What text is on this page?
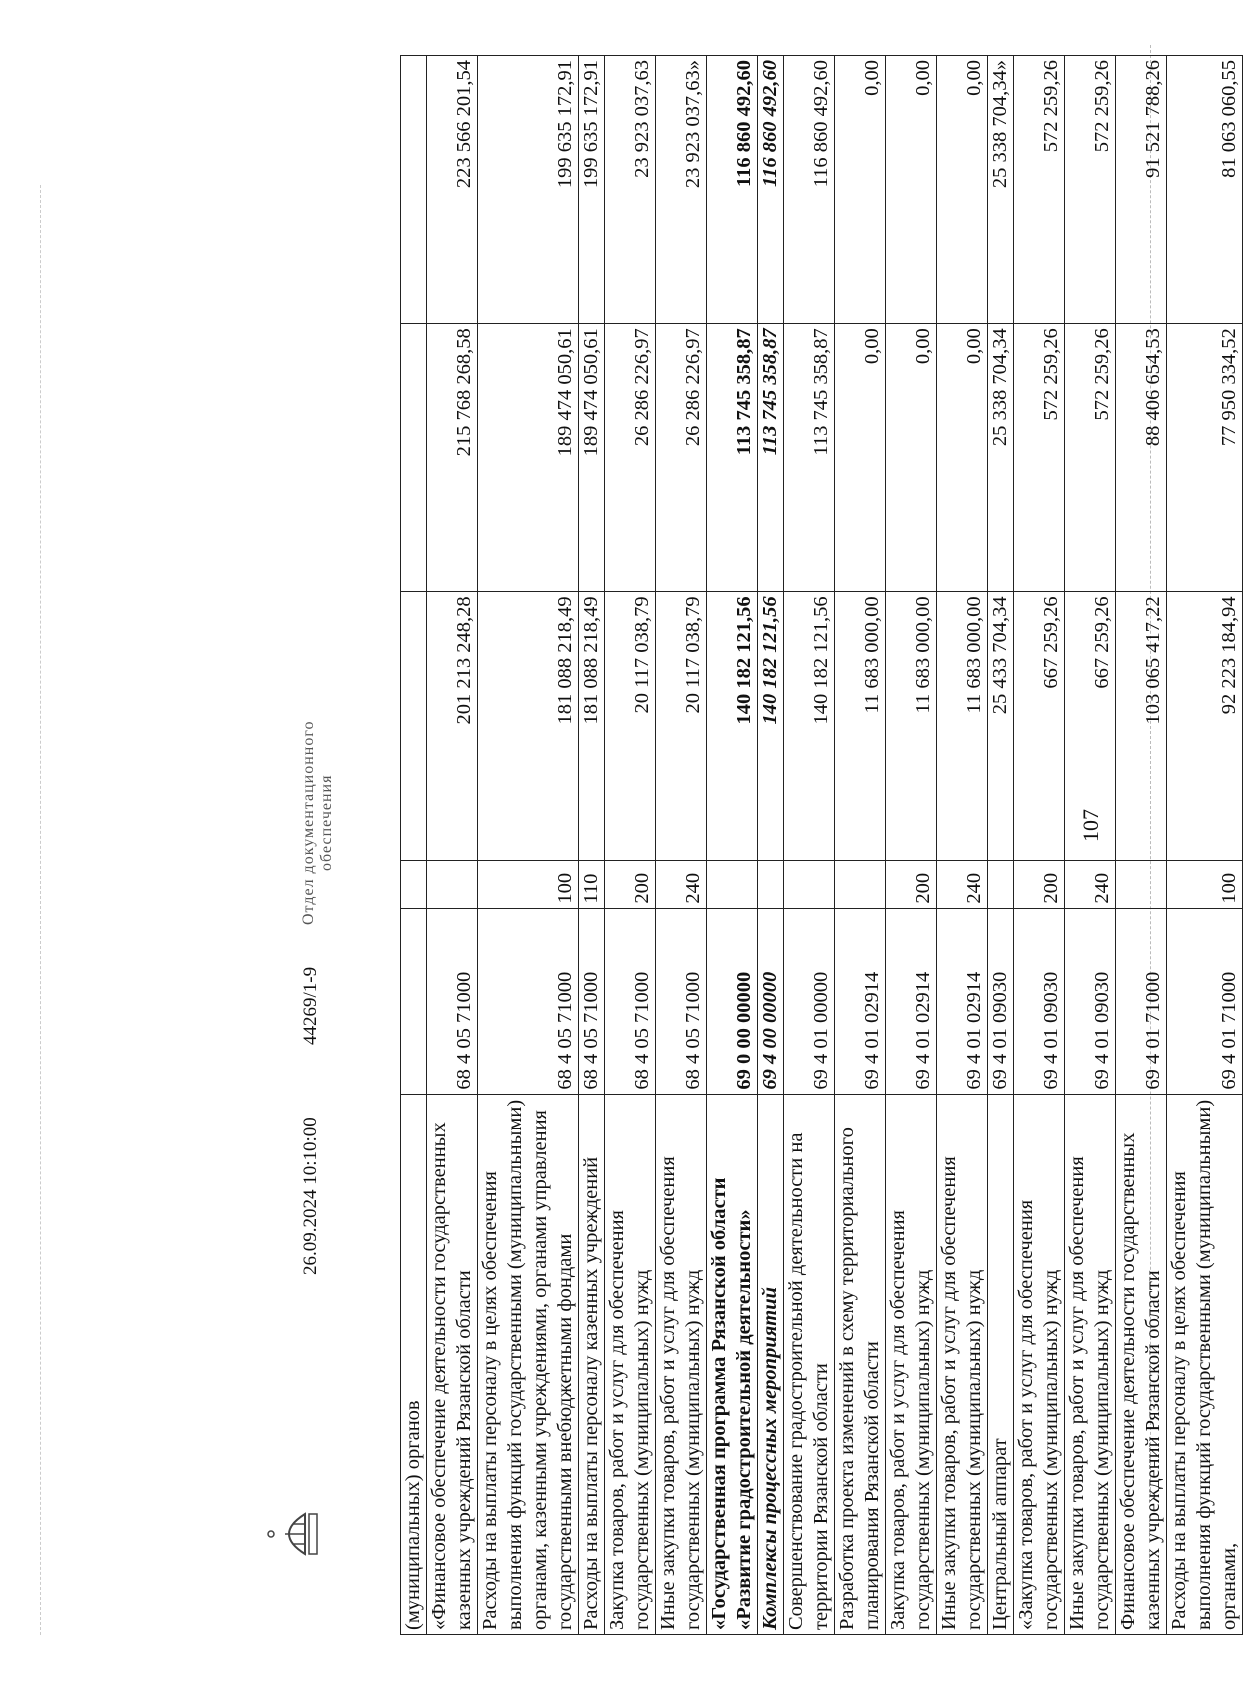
107
(муниципальных) органов					
«Финансовое обеспечение деятельности государственных казенных учреждений Рязанской области	68 4 05 71000		201 213 248,28	215 768 268,58	223 566 201,54
Расходы на выплаты персоналу в целях обеспечения выполнения функций государственными (муниципальными) органами, казенными учреждениями, органами управления государственными внебюджетными фондами	68 4 05 71000	100	181 088 218,49	189 474 050,61	199 635 172,91
Расходы на выплаты персоналу казенных учреждений	68 4 05 71000	110	181 088 218,49	189 474 050,61	199 635 172,91
Закупка товаров, работ и услуг для обеспечения государственных (муниципальных) нужд	68 4 05 71000	200	20 117 038,79	26 286 226,97	23 923 037,63
Иные закупки товаров, работ и услуг для обеспечения государственных (муниципальных) нужд	68 4 05 71000	240	20 117 038,79	26 286 226,97	23 923 037,63»
«Государственная программа Рязанской области «Развитие градостроительной деятельности»	69 0 00 00000		140 182 121,56	113 745 358,87	116 860 492,60
Комплексы процессных мероприятий	69 4 00 00000		140 182 121,56	113 745 358,87	116 860 492,60
Совершенствование градостроительной деятельности на территории Рязанской области	69 4 01 00000		140 182 121,56	113 745 358,87	116 860 492,60
Разработка проекта изменений в схему территориального планирования Рязанской области	69 4 01 02914		11 683 000,00	0,00	0,00
Закупка товаров, работ и услуг для обеспечения государственных (муниципальных) нужд	69 4 01 02914	200	11 683 000,00	0,00	0,00
Иные закупки товаров, работ и услуг для обеспечения государственных (муниципальных) нужд	69 4 01 02914	240	11 683 000,00	0,00	0,00
Центральный аппарат	69 4 01 09030		25 433 704,34	25 338 704,34	25 338 704,34»
«Закупка товаров, работ и услуг для обеспечения государственных (муниципальных) нужд	69 4 01 09030	200	667 259,26	572 259,26	572 259,26
Иные закупки товаров, работ и услуг для обеспечения государственных (муниципальных) нужд	69 4 01 09030	240	667 259,26	572 259,26	572 259,26
Финансовое обеспечение деятельности государственных казенных учреждений Рязанской области	69 4 01 71000		103 065 417,22	88 406 654,53	91 521 788,26
Расходы на выплаты персоналу в целях обеспечения выполнения функций государственными (муниципальными) органами,	69 4 01 71000	100	92 223 184,94	77 950 334,52	81 063 060,55
26.09.2024 10:10:00
44269/1-9
Отдел документационного обеспечения
